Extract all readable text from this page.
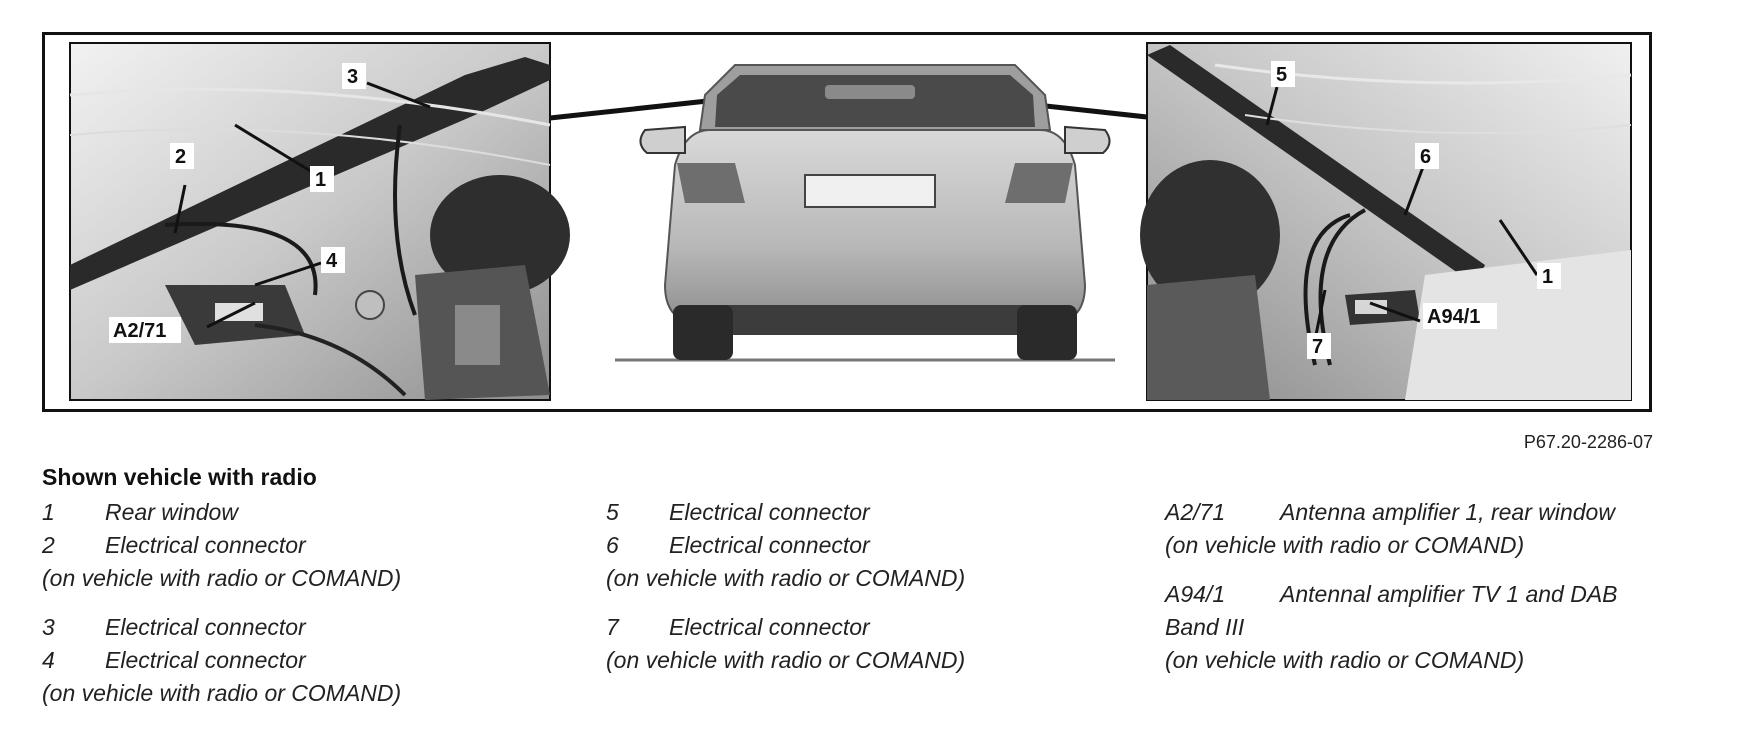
1
2
3
4
A2/71
5
6
1
7
A94/1
P67.20-2286-07
Shown vehicle with radio
1	Rear window
2	Electrical connector
(on vehicle with radio or COMAND)
3	Electrical connector
4	Electrical connector
(on vehicle with radio or COMAND)
5	Electrical connector
6	Electrical connector
(on vehicle with radio or COMAND)
7	Electrical connector
(on vehicle with radio or COMAND)
A2/71	Antenna amplifier 1, rear window
(on vehicle with radio or COMAND)
A94/1	Antennal amplifier TV 1 and DAB
Band III
(on vehicle with radio or COMAND)
